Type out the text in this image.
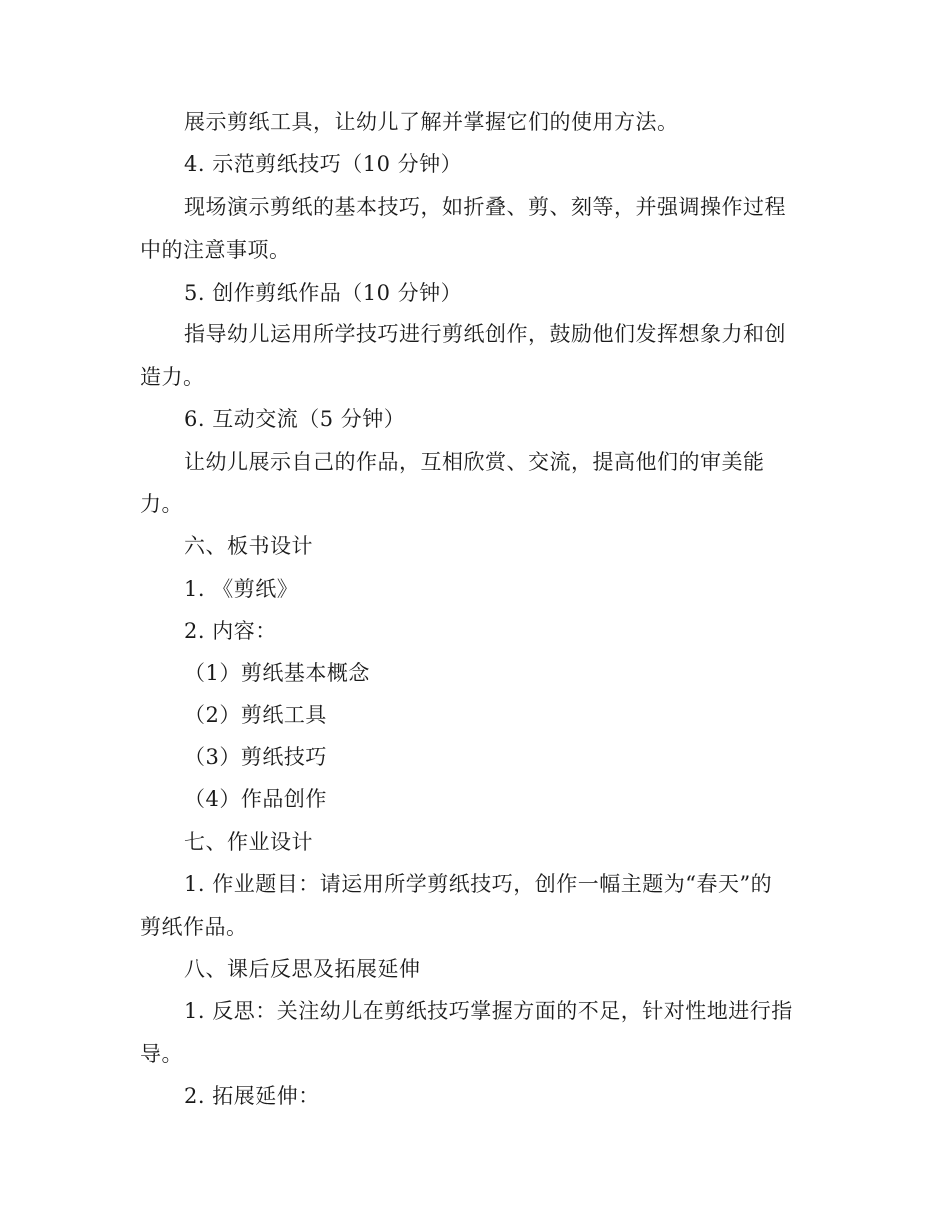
展示剪纸工具，让幼儿了解并掌握它们的使用方法。
4. 示范剪纸技巧（10 分钟）
现场演示剪纸的基本技巧，如折叠、剪、刻等，并强调操作过程
中的注意事项。
5. 创作剪纸作品（10 分钟）
指导幼儿运用所学技巧进行剪纸创作，鼓励他们发挥想象力和创
造力。
6. 互动交流（5 分钟）
让幼儿展示自己的作品，互相欣赏、交流，提高他们的审美能
力。
六、板书设计
1. 《剪纸》
2. 内容：
（1）剪纸基本概念
（2）剪纸工具
（3）剪纸技巧
（4）作品创作
七、作业设计
1. 作业题目：请运用所学剪纸技巧，创作一幅主题为“春天”的
剪纸作品。
八、课后反思及拓展延伸
1. 反思：关注幼儿在剪纸技巧掌握方面的不足，针对性地进行指
导。
2. 拓展延伸：
